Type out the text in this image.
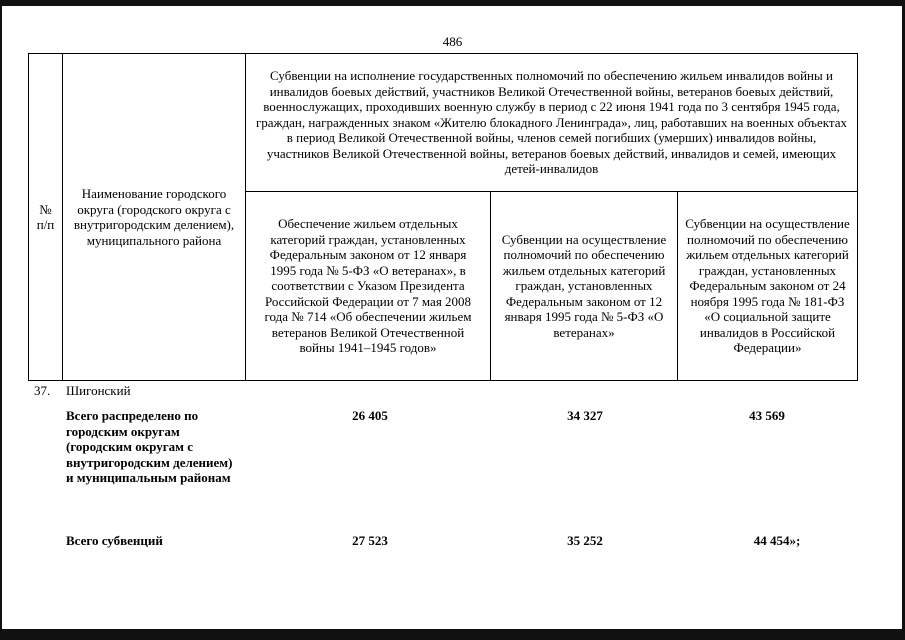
486
№ п/п
Наименование городского округа (городского округа с внутригородским делением), муниципального района
Субвенции на исполнение государственных полномочий по обеспечению жильем инвалидов войны и инвалидов боевых действий, участников Великой Отечественной войны, ветеранов боевых действий, военнослужащих, проходивших военную службу в период с 22 июня 1941 года по 3 сентября 1945 года, граждан, награжденных знаком «Жителю блокадного Ленинграда», лиц, работавших на военных объектах в период Великой Отечественной войны, членов семей погибших (умерших) инвалидов войны, участников Великой Отечественной войны, ветеранов боевых действий, инвалидов и семей, имеющих детей-инвалидов
Обеспечение жильем отдельных категорий граждан, установленных Федеральным законом от 12 января 1995 года № 5-ФЗ «О ветеранах», в соответствии с Указом Президента Российской Федерации от 7 мая 2008 года № 714 «Об обеспечении жильем ветеранов Великой Отечественной войны 1941–1945 годов»
Субвенции на осуществление полномочий по обеспечению жильем отдельных категорий граждан, установленных Федеральным законом от 12 января 1995 года № 5-ФЗ «О ветеранах»
Субвенции на осуществление полномочий по обеспечению жильем отдельных категорий граждан, установленных Федеральным законом от 24 ноября 1995 года № 181-ФЗ «О социальной защите инвалидов в Российской Федерации»
37. Шигонский
Всего распределено по городским округам (городским округам с внутригородским делением) и муниципальным районам
26 405	34 327	43 569
Всего субвенций	27 523	35 252	44 454»;
